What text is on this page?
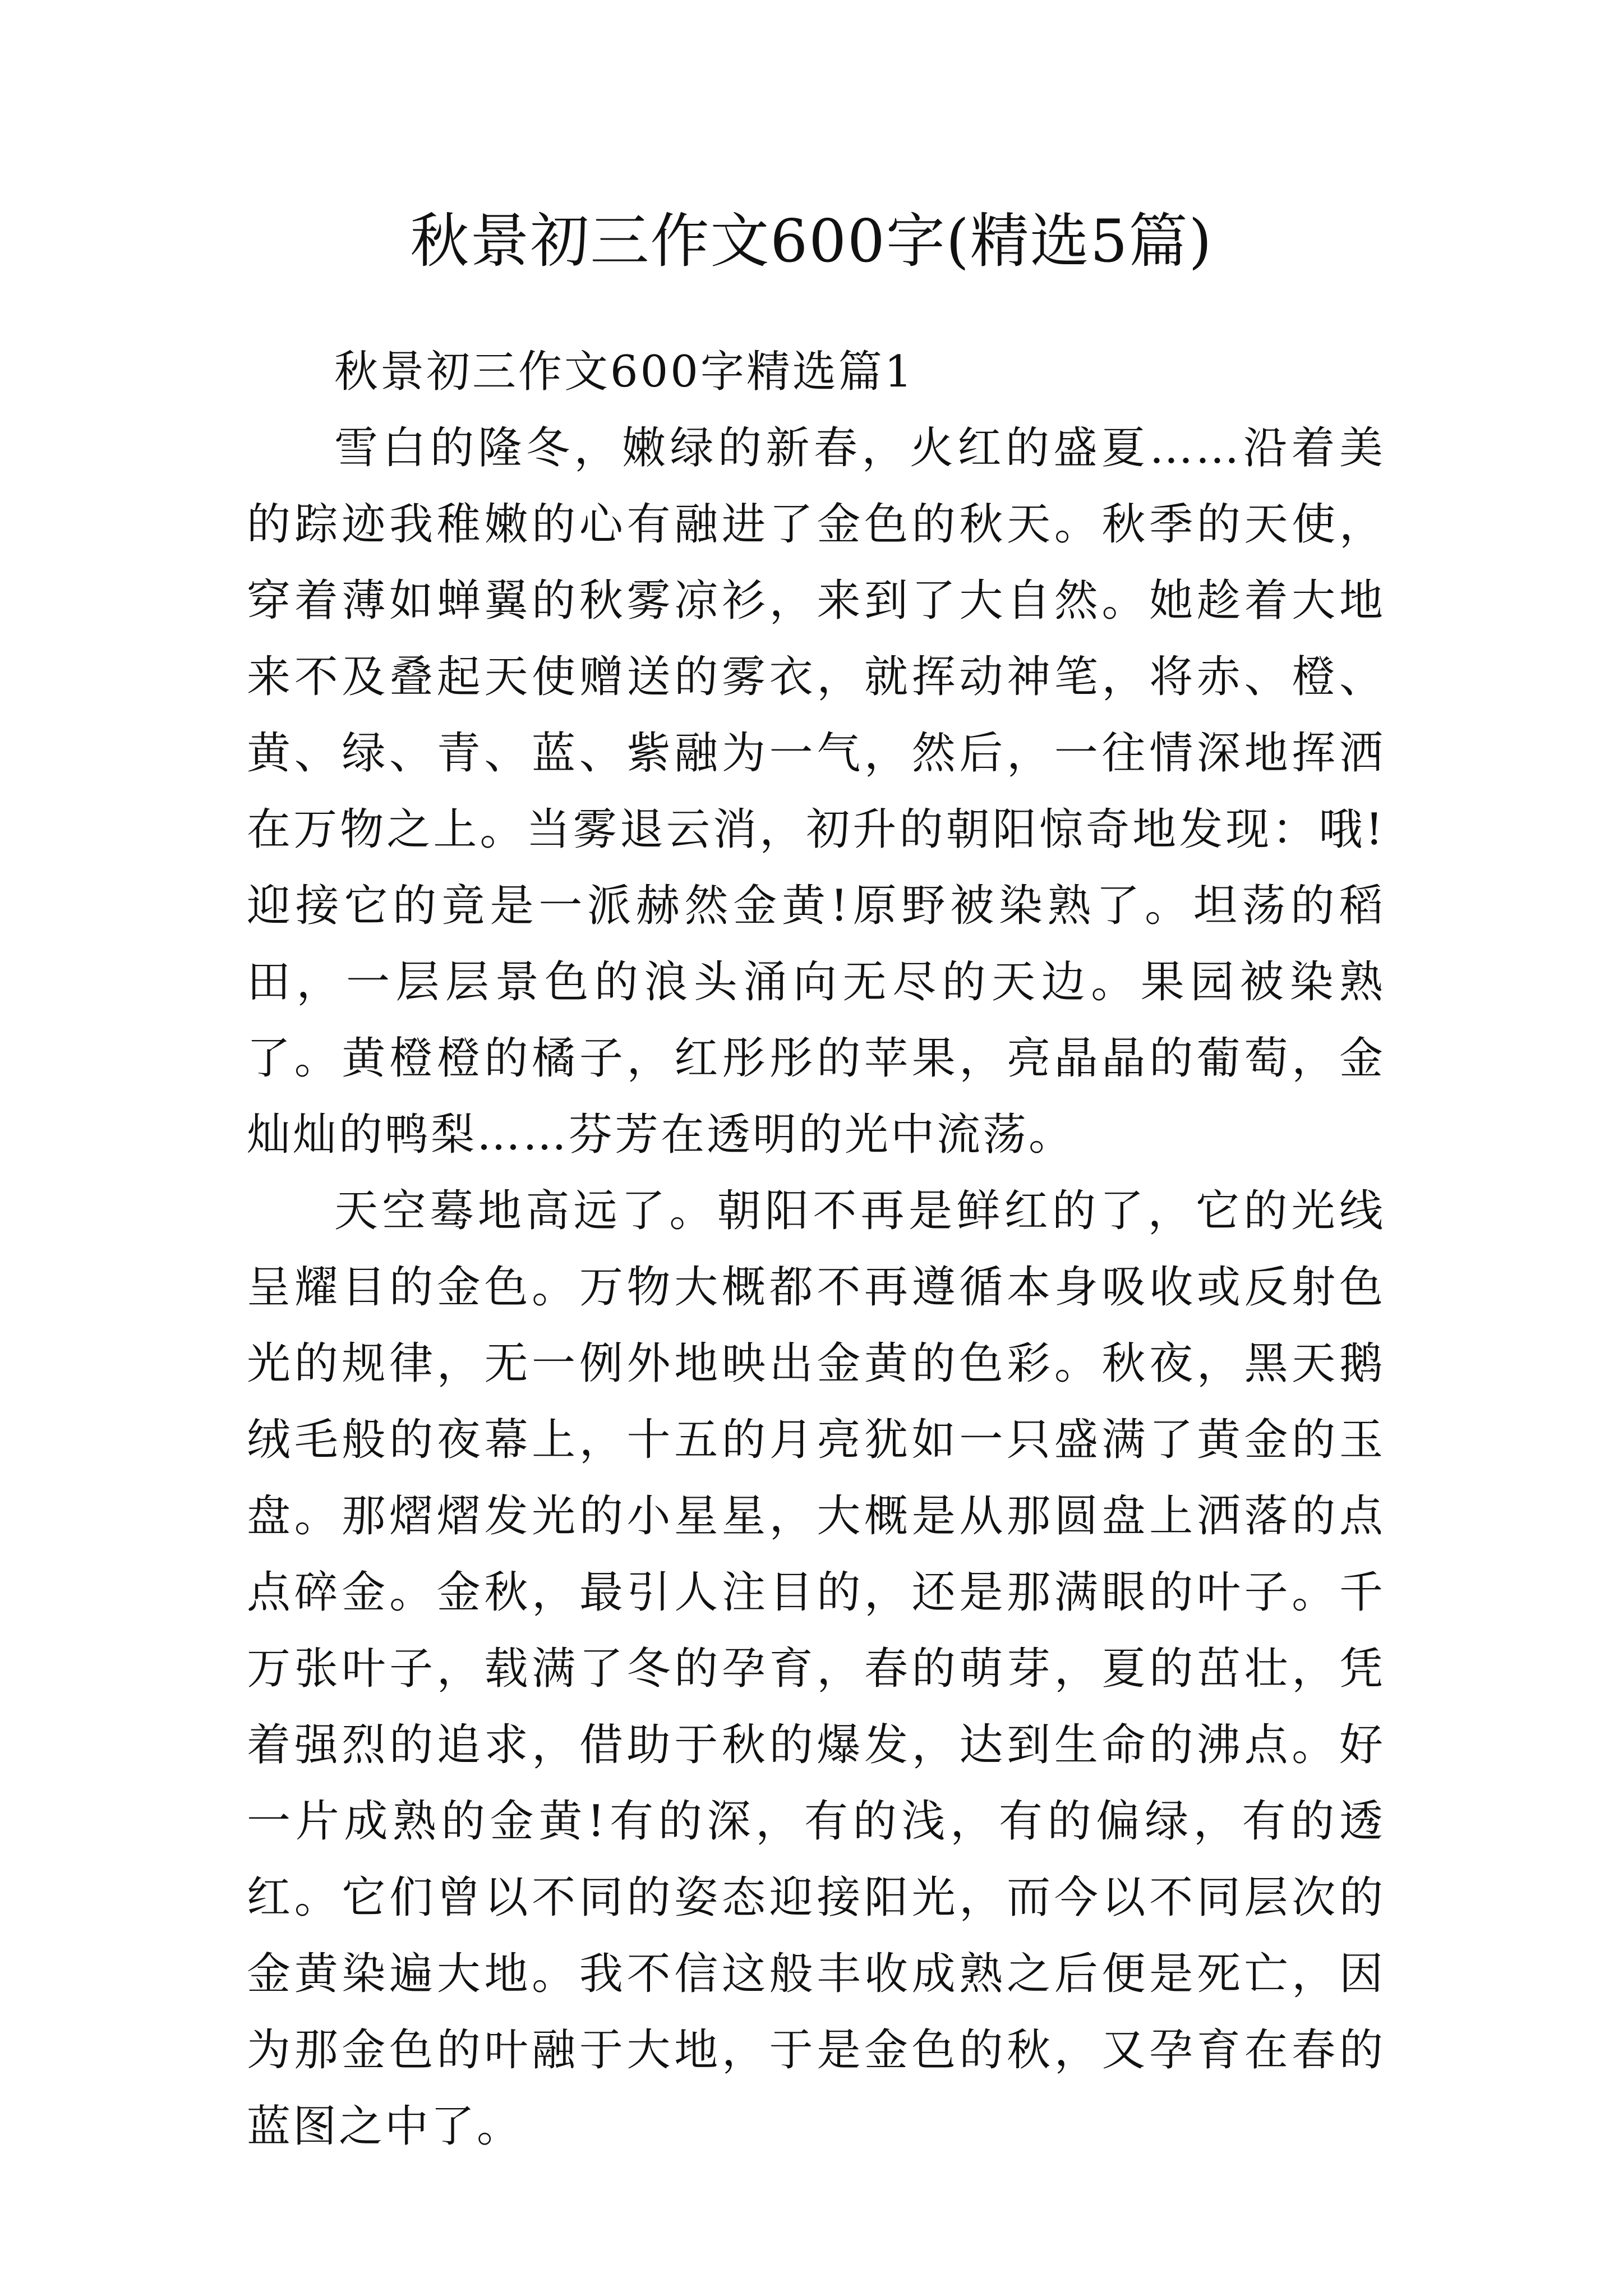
秋景初三作文600字(精选5篇)

秋景初三作文600字精选篇1

雪白的隆冬，嫩绿的新春，火红的盛夏……沿着美的踪迹我稚嫩的心有融进了金色的秋天。秋季的天使，穿着薄如蝉翼的秋雾凉衫，来到了大自然。她趁着大地来不及叠起天使赠送的雾衣，就挥动神笔，将赤、橙、黄、绿、青、蓝、紫融为一气，然后，一往情深地挥洒在万物之上。当雾退云消，初升的朝阳惊奇地发现：哦!迎接它的竟是一派赫然金黄!原野被染熟了。坦荡的稻田，一层层景色的浪头涌向无尽的天边。果园被染熟了。黄橙橙的橘子，红彤彤的苹果，亮晶晶的葡萄，金灿灿的鸭梨……芬芳在透明的光中流荡。

天空蓦地高远了。朝阳不再是鲜红的了，它的光线呈耀目的金色。万物大概都不再遵循本身吸收或反射色光的规律，无一例外地映出金黄的色彩。秋夜，黑天鹅绒毛般的夜幕上，十五的月亮犹如一只盛满了黄金的玉盘。那熠熠发光的小星星，大概是从那圆盘上洒落的点点碎金。金秋，最引人注目的，还是那满眼的叶子。千万张叶子，载满了冬的孕育，春的萌芽，夏的茁壮，凭着强烈的追求，借助于秋的爆发，达到生命的沸点。好一片成熟的金黄!有的深，有的浅，有的偏绿，有的透红。它们曾以不同的姿态迎接阳光，而今以不同层次的金黄染遍大地。我不信这般丰收成熟之后便是死亡，因为那金色的叶融于大地，于是金色的秋，又孕育在春的蓝图之中了。
